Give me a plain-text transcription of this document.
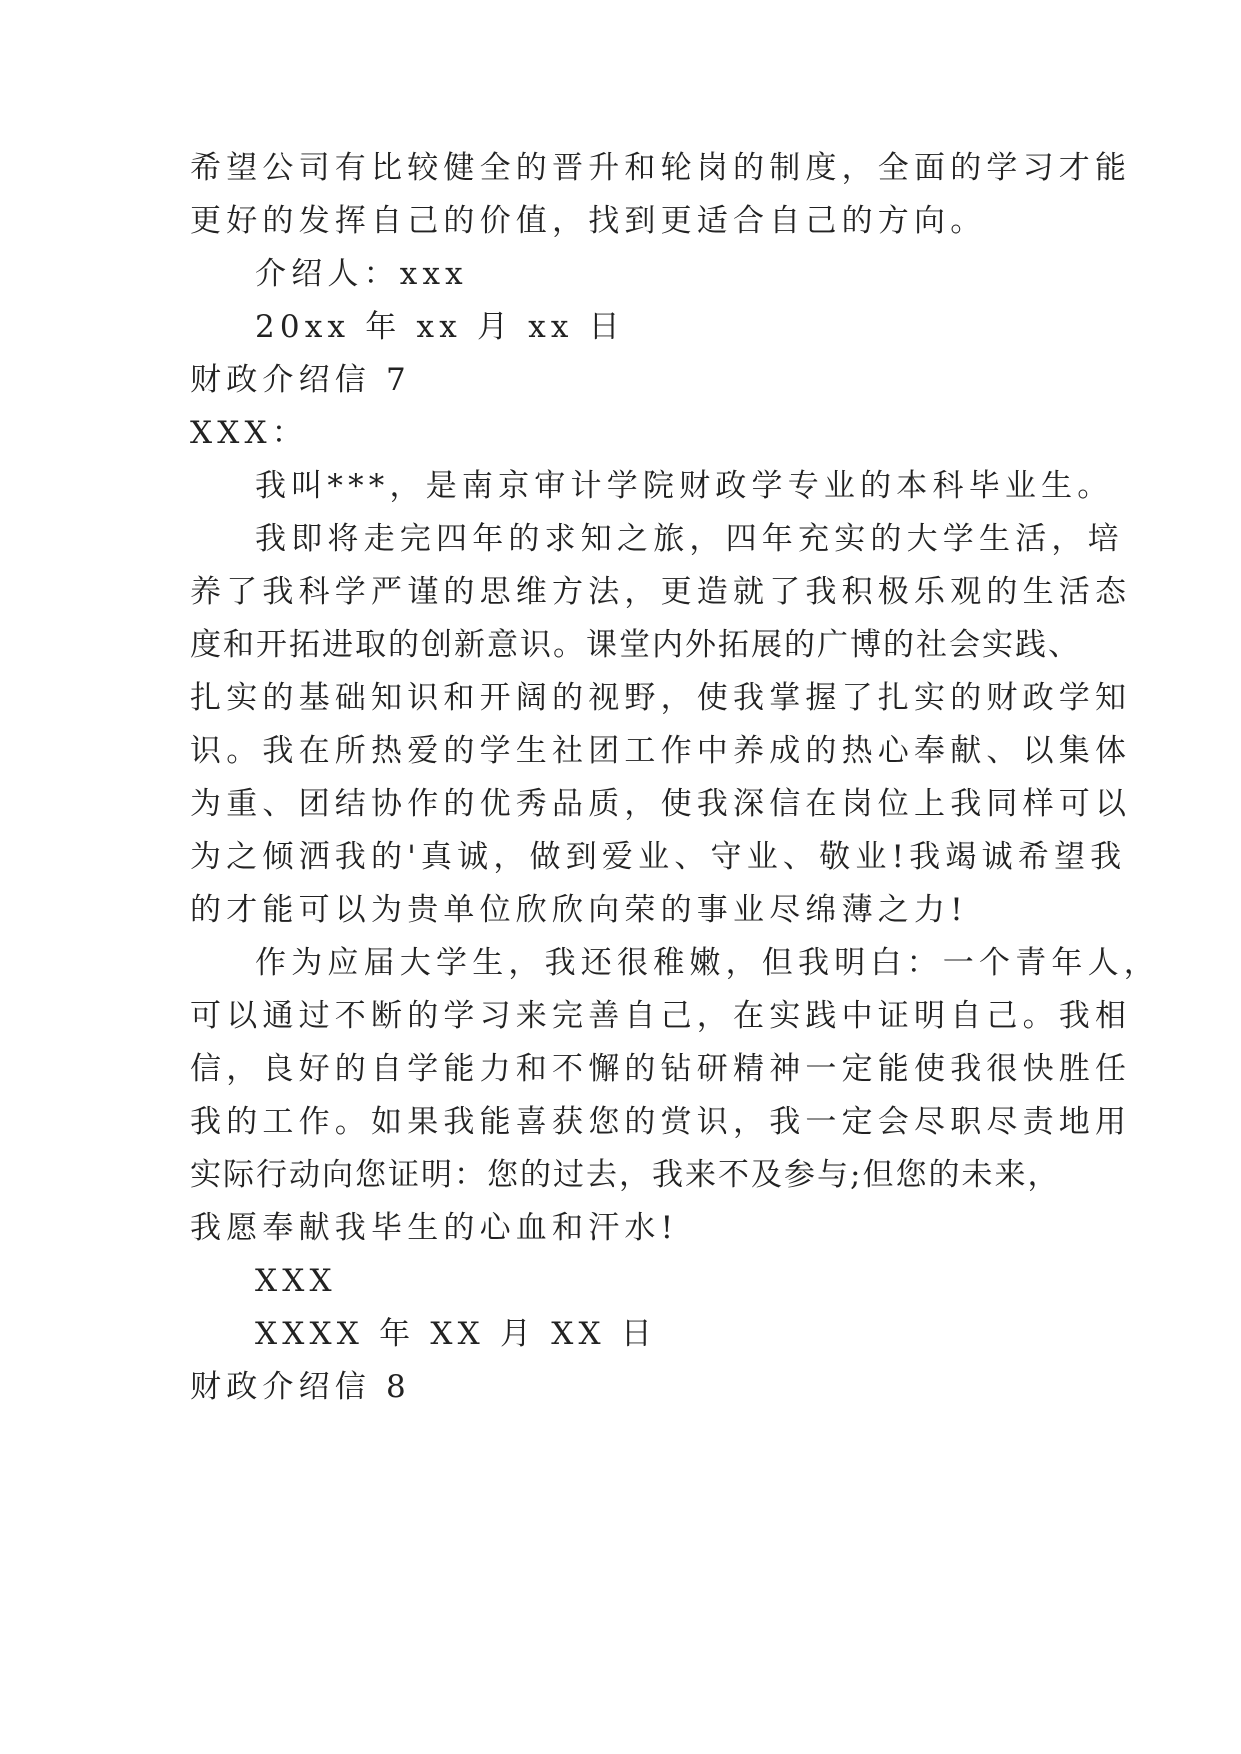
希望公司有比较健全的晋升和轮岗的制度，全面的学习才能
更好的发挥自己的价值，找到更适合自己的方向。
介绍人：xxx
20xx 年 xx 月 xx 日
财政介绍信 7
XXX：
我叫***，是南京审计学院财政学专业的本科毕业生。
我即将走完四年的求知之旅，四年充实的大学生活，培
养了我科学严谨的思维方法，更造就了我积极乐观的生活态
度和开拓进取的创新意识。课堂内外拓展的广博的社会实践、
扎实的基础知识和开阔的视野，使我掌握了扎实的财政学知
识。我在所热爱的学生社团工作中养成的热心奉献、以集体
为重、团结协作的优秀品质，使我深信在岗位上我同样可以
为之倾洒我的'真诚，做到爱业、守业、敬业!我竭诚希望我
的才能可以为贵单位欣欣向荣的事业尽绵薄之力!
作为应届大学生，我还很稚嫩，但我明白：一个青年人，
可以通过不断的学习来完善自己，在实践中证明自己。我相
信，良好的自学能力和不懈的钻研精神一定能使我很快胜任
我的工作。如果我能喜获您的赏识，我一定会尽职尽责地用
实际行动向您证明：您的过去，我来不及参与;但您的未来，
我愿奉献我毕生的心血和汗水!
XXX
XXXX 年 XX 月 XX 日
财政介绍信 8
